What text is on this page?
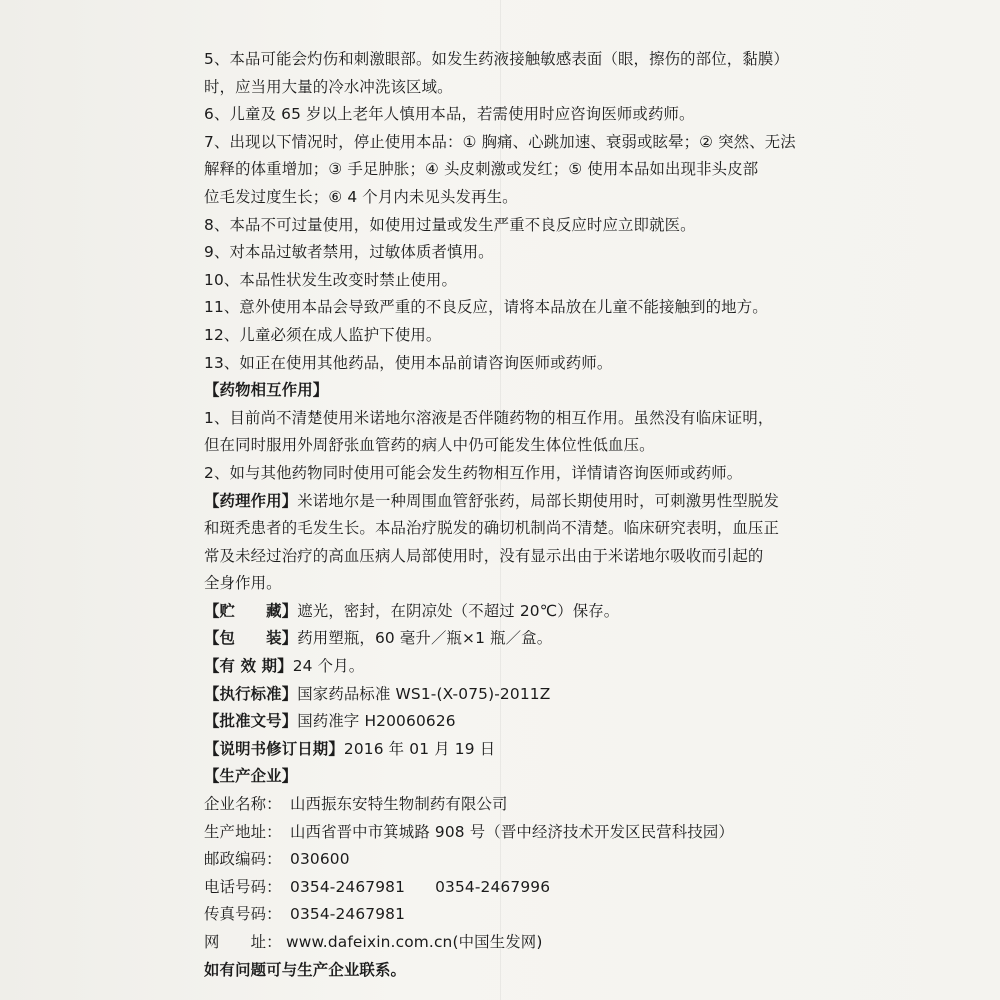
5、本品可能会灼伤和刺激眼部。如发生药液接触敏感表面（眼，擦伤的部位，黏膜）
时，应当用大量的冷水冲洗该区域。
6、儿童及 65 岁以上老年人慎用本品，若需使用时应咨询医师或药师。
7、出现以下情况时，停止使用本品：① 胸痛、心跳加速、衰弱或眩晕；② 突然、无法
解释的体重增加；③ 手足肿胀；④ 头皮刺激或发红；⑤ 使用本品如出现非头皮部
位毛发过度生长；⑥ 4 个月内未见头发再生。
8、本品不可过量使用，如使用过量或发生严重不良反应时应立即就医。
9、对本品过敏者禁用，过敏体质者慎用。
10、本品性状发生改变时禁止使用。
11、意外使用本品会导致严重的不良反应，请将本品放在儿童不能接触到的地方。
12、儿童必须在成人监护下使用。
13、如正在使用其他药品，使用本品前请咨询医师或药师。
【药物相互作用】
1、目前尚不清楚使用米诺地尔溶液是否伴随药物的相互作用。虽然没有临床证明，
但在同时服用外周舒张血管药的病人中仍可能发生体位性低血压。
2、如与其他药物同时使用可能会发生药物相互作用，详情请咨询医师或药师。
【药理作用】米诺地尔是一种周围血管舒张药，局部长期使用时，可刺激男性型脱发
和斑秃患者的毛发生长。本品治疗脱发的确切机制尚不清楚。临床研究表明，血压正
常及未经过治疗的高血压病人局部使用时，没有显示出由于米诺地尔吸收而引起的
全身作用。
【贮　　藏】遮光，密封，在阴凉处（不超过 20℃）保存。
【包　　装】药用塑瓶，60 毫升／瓶×1 瓶／盒。
【有 效 期】24 个月。
【执行标准】国家药品标准 WS1-(X-075)-2011Z
【批准文号】国药准字 H20060626
【说明书修订日期】2016 年 01 月 19 日
【生产企业】
企业名称： 山西振东安特生物制药有限公司
生产地址： 山西省晋中市箕城路 908 号（晋中经济技术开发区民营科技园）
邮政编码： 030600
电话号码： 0354-2467981 0354-2467996
传真号码： 0354-2467981
网　　址： www.dafeixin.com.cn(中国生发网)
如有问题可与生产企业联系。
